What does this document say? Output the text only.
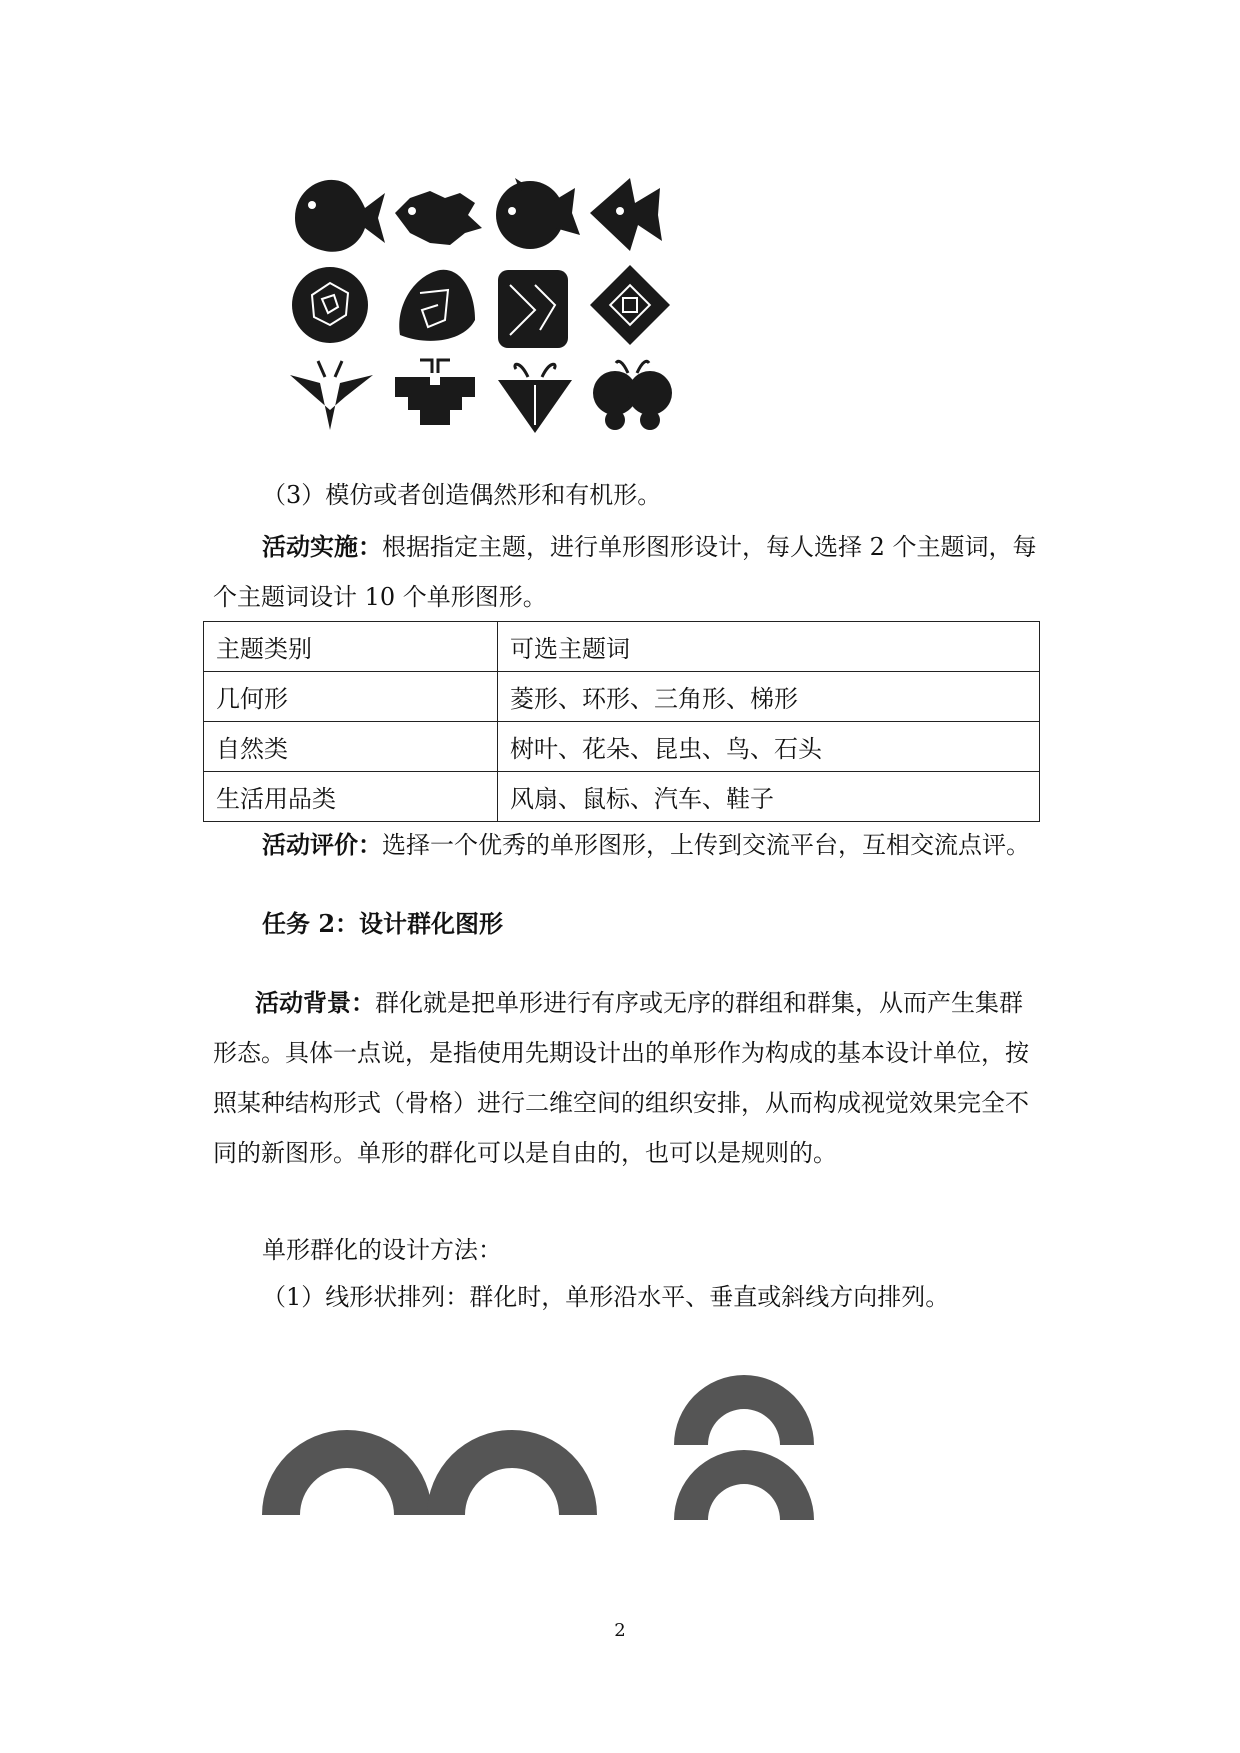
（3）模仿或者创造偶然形和有机形。
活动实施：根据指定主题，进行单形图形设计，每人选择 2 个主题词，每
个主题词设计 10 个单形图形。
主题类别	可选主题词
几何形	菱形、环形、三角形、梯形
自然类	树叶、花朵、昆虫、鸟、石头
生活用品类	风扇、鼠标、汽车、鞋子
活动评价：选择一个优秀的单形图形，上传到交流平台，互相交流点评。
任务 2：设计群化图形
活动背景：群化就是把单形进行有序或无序的群组和群集，从而产生集群
形态。具体一点说，是指使用先期设计出的单形作为构成的基本设计单位，按
照某种结构形式（骨格）进行二维空间的组织安排，从而构成视觉效果完全不
同的新图形。单形的群化可以是自由的，也可以是规则的。
单形群化的设计方法：
（1）线形状排列：群化时，单形沿水平、垂直或斜线方向排列。
2
